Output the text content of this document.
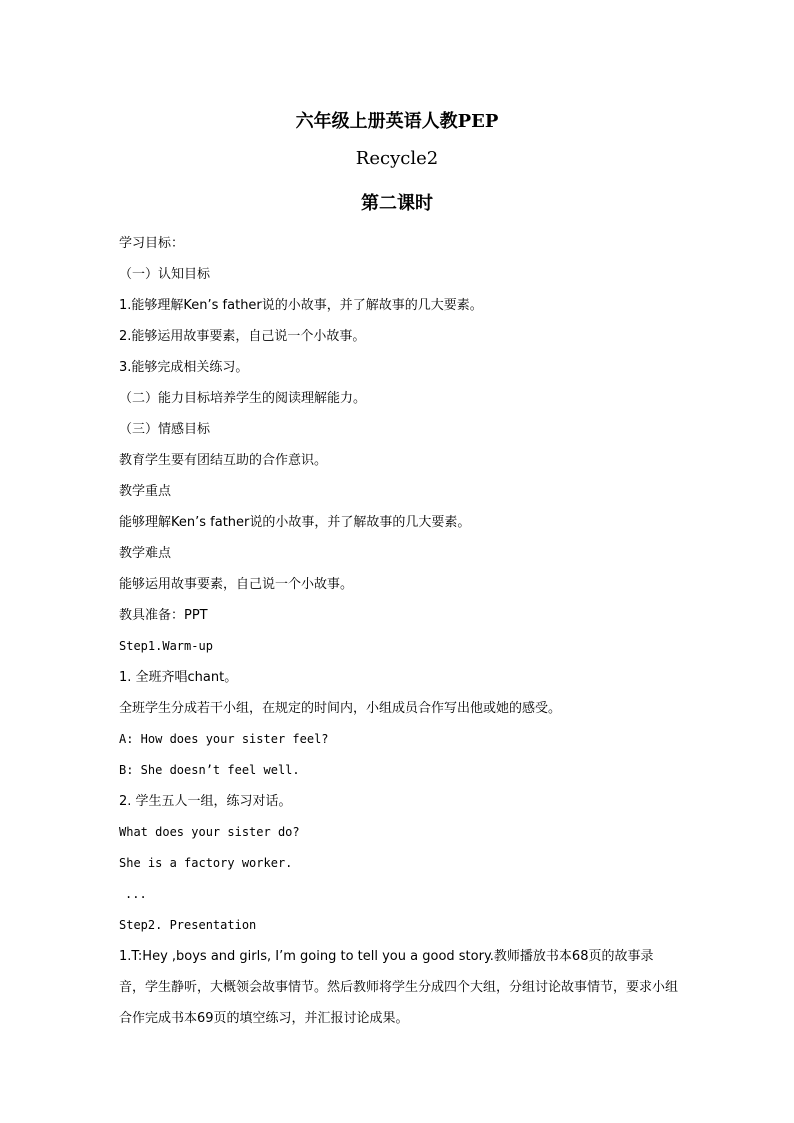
六年级上册英语人教PEP
Recycle2
第二课时
学习目标：
（一）认知目标
1.能够理解Ken’s father说的小故事，并了解故事的几大要素。
2.能够运用故事要素，自己说一个小故事。
3.能够完成相关练习。
（二）能力目标培养学生的阅读理解能力。
（三）情感目标
教育学生要有团结互助的合作意识。
教学重点
能够理解Ken’s father说的小故事，并了解故事的几大要素。
教学难点
能够运用故事要素，自己说一个小故事。
教具准备：PPT
Step1.Warm-up
1. 全班齐唱chant。
全班学生分成若干小组，在规定的时间内，小组成员合作写出他或她的感受。
A: How does your sister feel?
B: She doesn’t feel well.
2. 学生五人一组，练习对话。
What does your sister do?
She is a factory worker.
...
Step2. Presentation
1.T:Hey ,boys and girls, I’m going to tell you a good story.教师播放书本68页的故事录音，学生静听，大概领会故事情节。然后教师将学生分成四个大组，分组讨论故事情节，要求小组合作完成书本69页的填空练习，并汇报讨论成果。
